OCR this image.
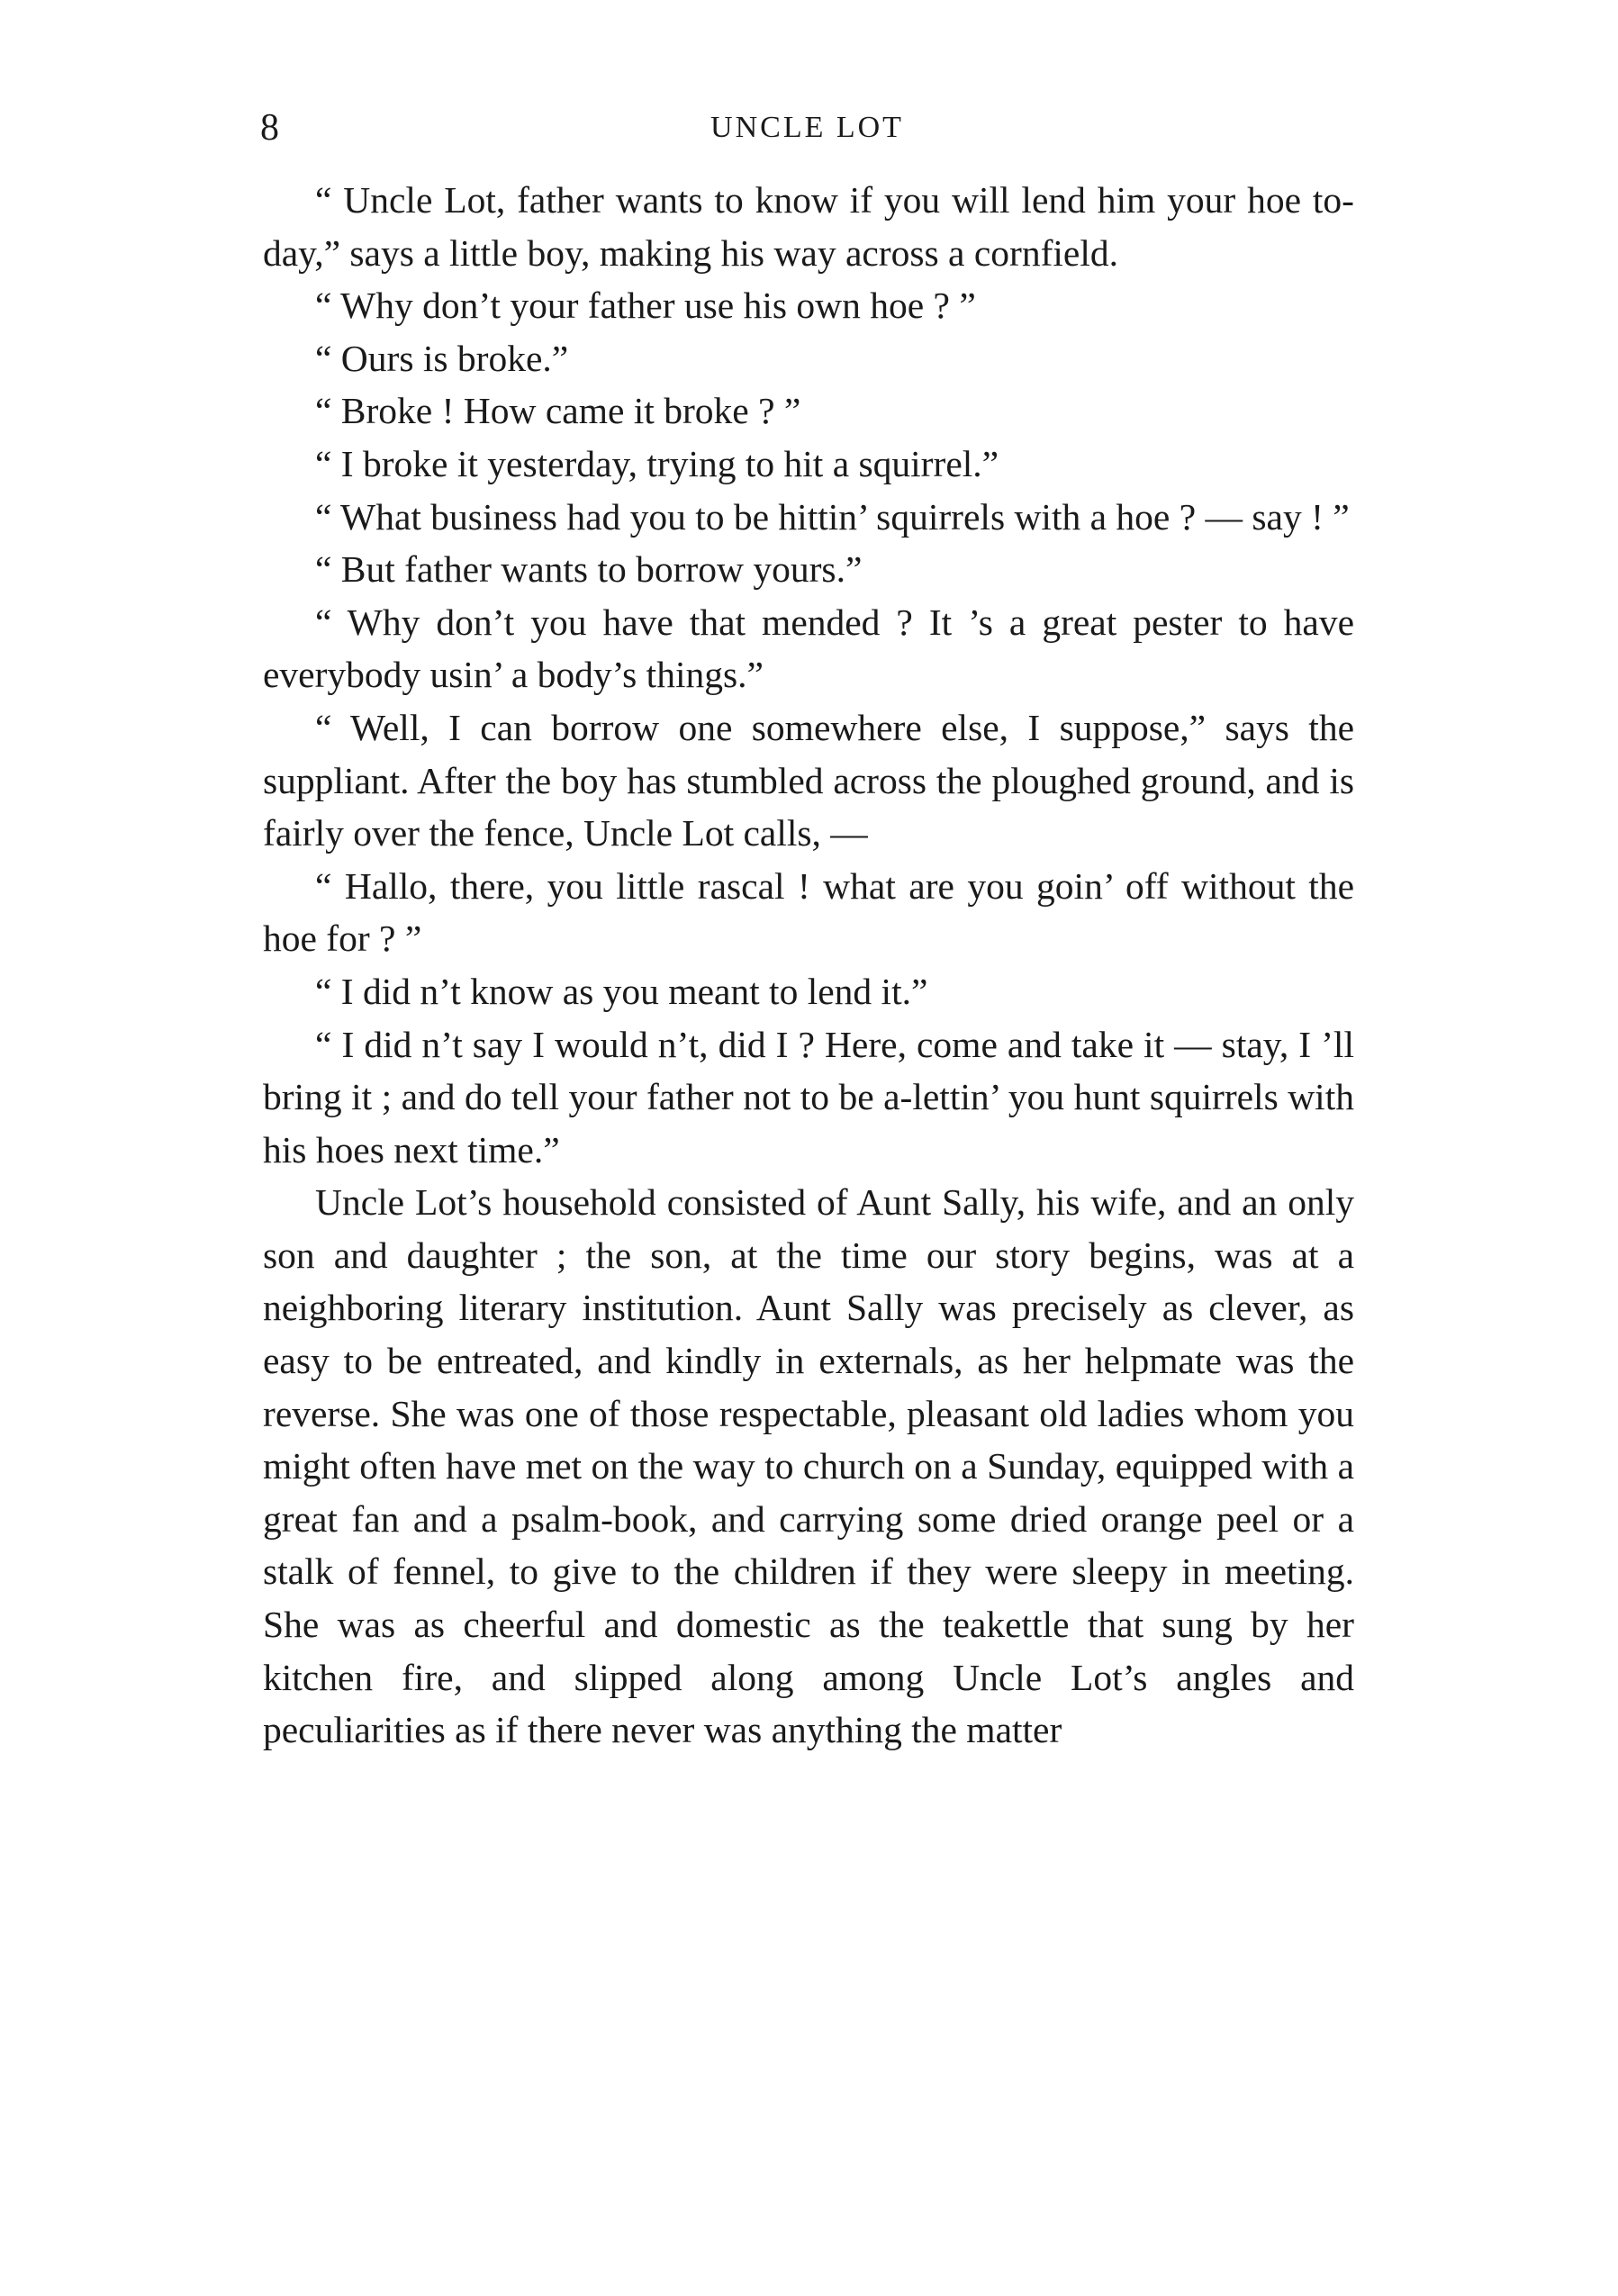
8	UNCLE LOT

“ Uncle Lot, father wants to know if you will lend him your hoe to-day,” says a little boy, making his way across a cornfield.

“ Why don’t your father use his own hoe ? ”

“ Ours is broke.”

“ Broke ! How came it broke ? ”

“ I broke it yesterday, trying to hit a squirrel.”

“ What business had you to be hittin’ squirrels with a hoe ? — say ! ”

“ But father wants to borrow yours.”

“ Why don’t you have that mended ? It ’s a great pester to have everybody usin’ a body’s things.”

“ Well, I can borrow one somewhere else, I suppose,” says the suppliant. After the boy has stumbled across the ploughed ground, and is fairly over the fence, Uncle Lot calls, —

“ Hallo, there, you little rascal ! what are you goin’ off without the hoe for ? ”

“ I did n’t know as you meant to lend it.”

“ I did n’t say I would n’t, did I ? Here, come and take it — stay, I ’ll bring it ; and do tell your father not to be a-lettin’ you hunt squirrels with his hoes next time.”

Uncle Lot’s household consisted of Aunt Sally, his wife, and an only son and daughter ; the son, at the time our story begins, was at a neighboring literary institution. Aunt Sally was precisely as clever, as easy to be entreated, and kindly in externals, as her helpmate was the reverse. She was one of those respectable, pleasant old ladies whom you might often have met on the way to church on a Sunday, equipped with a great fan and a psalm-book, and carrying some dried orange peel or a stalk of fennel, to give to the children if they were sleepy in meeting. She was as cheerful and domestic as the teakettle that sung by her kitchen fire, and slipped along among Uncle Lot’s angles and peculiarities as if there never was anything the matter
